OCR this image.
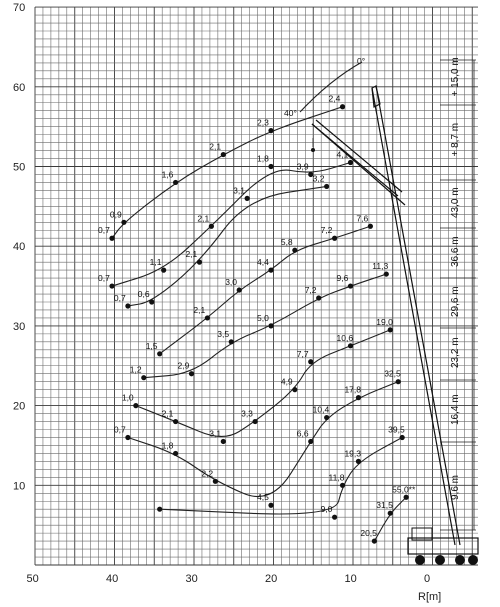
70
60
50
40
30
20
10
50	40	30	20	10	0
R[m]
0,7
0,9
1,6
2,1
2,3
2,4
0,7
1,1
2,1
1,8
3,9
4,1
0,7 0,6
2,1
3,1
3,2
1,5
2,1
3,0
4,4
5,8
7,2
7,6
1,2	2,9
3,5
5,0
7,2
9,6
11,3
1,0
2,1
3,1
3,3
4,9
7,7
10,6
19,0
0,7
1,8
2,2
4,5
6,6
10,4
17,8
32,5
9,0
11,8
19,3
39,5
20,5
31,5
55,0**
0°
40°
+ 15,0 m
+ 8,7 m
43,0 m
36,6 m
29,6 m
23,2 m
16,4 m
9,6 m
